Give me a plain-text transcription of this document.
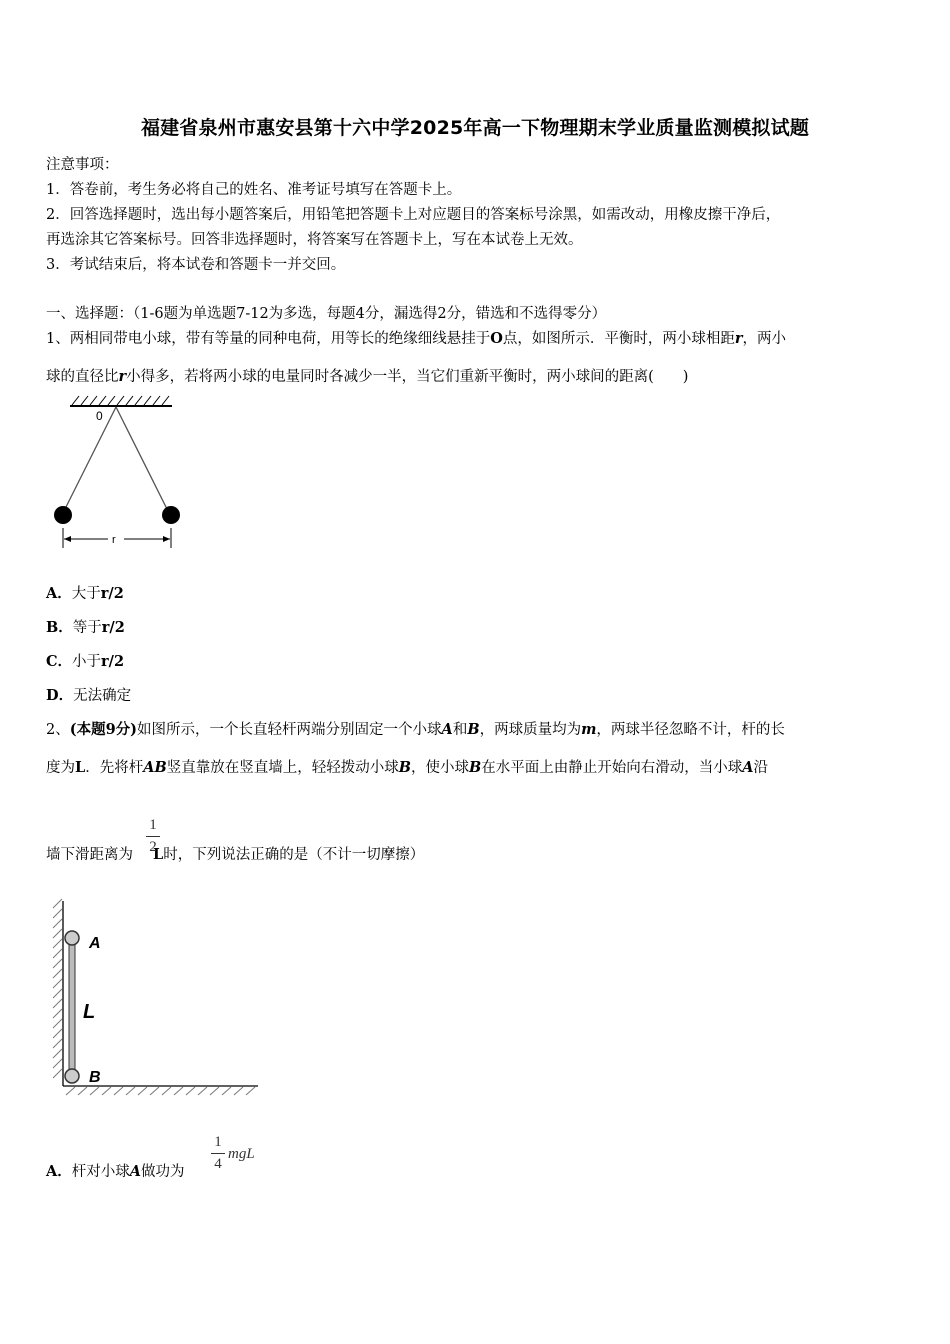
福建省泉州市惠安县第十六中学2025年高一下物理期末学业质量监测模拟试题
注意事项：
1．答卷前，考生务必将自己的姓名、准考证号填写在答题卡上。
2．回答选择题时，选出每小题答案后，用铅笔把答题卡上对应题目的答案标号涂黑，如需改动，用橡皮擦干净后，
再选涂其它答案标号。回答非选择题时，将答案写在答题卡上，写在本试卷上无效。
3．考试结束后，将本试卷和答题卡一并交回。
一、选择题：（1-6题为单选题7-12为多选，每题4分，漏选得2分，错选和不选得零分）
1、两相同带电小球，带有等量的同种电荷，用等长的绝缘细线悬挂于O点，如图所示．平衡时，两小球相距r，两小
球的直径比r小得多，若将两小球的电量同时各减少一半，当它们重新平衡时，两小球间的距离(　　)
0
r
A．大于r/2
B．等于r/2
C．小于r/2
D．无法确定
2、(本题9分)如图所示，一个长直轻杆两端分别固定一个小球A和B，两球质量均为m，两球半径忽略不计，杆的长
度为L．先将杆AB竖直靠放在竖直墙上，轻轻拨动小球B，使小球B在水平面上由静止开始向右滑动，当小球A沿
墙下滑距离为 L时，下列说法正确的是（不计一切摩擦）
1
2
A
L
B
A．杆对小球A做功为
1
4
mgL
